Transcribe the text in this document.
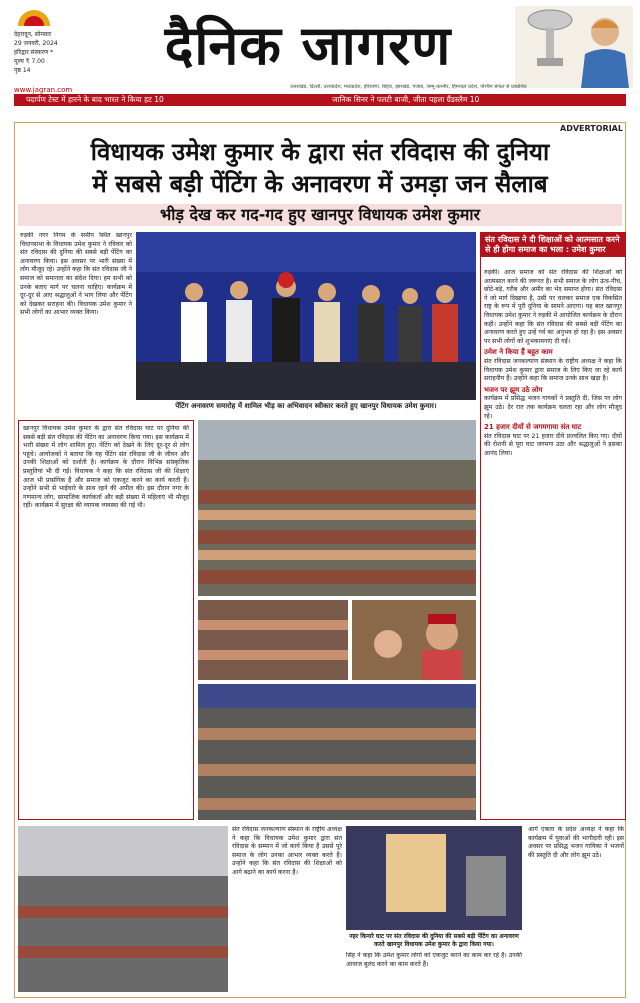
देहरादून, सोमवार
29 जनवरी, 2024
हरिद्वार संस्करण *
मूल्य ₹ 7.00
पृष्ठ 14	दैनिक जागरण
www.jagran.com	उत्तराखंड, दिल्ली, उत्तरप्रदेश, मध्यप्रदेश, हरियाणा, बिहार, झारखंड, पंजाब, जम्मू-कश्मीर, हिमाचल प्रदेश, पश्चिम बंगाल से प्रकाशित
पदार्पण टेस्ट में हारने के बाद भारत ने किया हट 10	जानिक सिनर ने पलटी बाजी, जीता पहला ग्रैंडस्लैम 10
ADVERTORIAL
विधायक उमेश कुमार के द्वारा संत रविदास की दुनिया
में सबसे बड़ी पेंटिंग के अनावरण में उमड़ा जन सैलाब
भीड़ देख कर गद-गद हुए खानपुर विधायक उमेश कुमार

रुड़की नगर निगम के समीप स्थित खानपुर विधानसभा के विधायक उमेश कुमार ने रविवार को संत रविदास की दुनिया की सबसे बड़ी पेंटिंग का अनावरण किया। इस अवसर पर भारी संख्या में लोग मौजूद रहे। उन्होंने कहा कि संत रविदास जी ने समाज को समानता का संदेश दिया। हम सभी को उनके बताए मार्ग पर चलना चाहिए। कार्यक्रम में दूर-दूर से आए श्रद्धालुओं ने भाग लिया और पेंटिंग को देखकर सराहना की। विधायक उमेश कुमार ने सभी लोगों का आभार व्यक्त किया।

पेंटिंग अनावरण समारोह में शामिल भीड़ का अभिवादन स्वीकार करते हुए खानपुर विधायक उमेश कुमार।
संत रविदास ने दी शिक्षाओं को आत्मसात करने से ही होगा समाज का भला : उमेश कुमार

रुड़की। आज समाज को संत रविदास की शिक्षाओं को आत्मसात करने की जरूरत है। सभी समाज के लोग ऊंच-नीच, छोटे-बड़े, गरीब और अमीर का भेद समाप्त होगा। संत रविदास ने जो मार्ग दिखाया है, उसी पर चलकर समाज एक विकसित राष्ट्र के रूप में पूरी दुनिया के सामने आएगा। यह बात खानपुर विधायक उमेश कुमार ने रुड़की में आयोजित कार्यक्रम के दौरान कही। उन्होंने कहा कि संत रविदास की सबसे बड़ी पेंटिंग का अनावरण करते हुए उन्हें गर्व का अनुभव हो रहा है। इस अवसर पर सभी लोगों को शुभकामनाएं दी गईं।

उमेश ने किया हैं बहुत काम

संत रविदास जनकल्याण संस्थान के राष्ट्रीय अध्यक्ष ने कहा कि विधायक उमेश कुमार द्वारा समाज के लिए किए जा रहे कार्य सराहनीय हैं। उन्होंने कहा कि समाज उनके साथ खड़ा है।

भजन पर झूम उठे लोग

कार्यक्रम में प्रसिद्ध भजन गायकों ने प्रस्तुति दी, जिस पर लोग झूम उठे। देर रात तक कार्यक्रम चलता रहा और लोग मौजूद रहे।

21 हजार दीयों से जगमगाया संत घाट

संत रविदास घाट पर 21 हजार दीये प्रज्वलित किए गए। दीयों की रोशनी से पूरा घाट जगमगा उठा और श्रद्धालुओं ने इसका आनंद लिया।

खानपुर विधायक उमेश कुमार के द्वारा संत रविदास घाट पर दुनिया की सबसे बड़ी संत रविदास की पेंटिंग का अनावरण किया गया। इस कार्यक्रम में भारी संख्या में लोग शामिल हुए। पेंटिंग को देखने के लिए दूर-दूर से लोग पहुंचे। आयोजकों ने बताया कि यह पेंटिंग संत रविदास जी के जीवन और उनकी शिक्षाओं को दर्शाती है। कार्यक्रम के दौरान विभिन्न सांस्कृतिक प्रस्तुतियां भी दी गईं। विधायक ने कहा कि संत रविदास जी की शिक्षाएं आज भी प्रासंगिक हैं और समाज को एकजुट करने का कार्य करती हैं। उन्होंने सभी से भाईचारे के साथ रहने की अपील की। इस दौरान नगर के गणमान्य लोग, सामाजिक कार्यकर्ता और बड़ी संख्या में महिलाएं भी मौजूद रहीं। कार्यक्रम में सुरक्षा की व्यापक व्यवस्था की गई थी।

संत रविदास जनकल्याण संस्थान के राष्ट्रीय अध्यक्ष ने कहा कि विधायक उमेश कुमार द्वारा संत रविदास के सम्मान में जो कार्य किया है उससे पूरे समाज के लोग उनका आभार व्यक्त करते हैं। उन्होंने कहा कि संत रविदास की शिक्षाओं को आगे बढ़ाने का कार्य करना है।

नहर किनारे घाट पर संत रविदास की दुनिया की सबसे बड़ी पेंटिंग का अनावरण करते खानपुर विधायक उमेश कुमार के द्वारा किया गया।

सिंह ने कहा कि उमेश कुमार लोगों को एकजुट करने का काम कर रहे हैं। उनकी आवाज बुलंद करने का काम करते हैं।

आगे एकता के प्रदेश अध्यक्ष ने कहा कि कार्यक्रम में युवाओं की भागीदारी रही। इस अवसर पर प्रसिद्ध भजन गायिका ने भजनों की प्रस्तुति दी और लोग झूम उठे।
